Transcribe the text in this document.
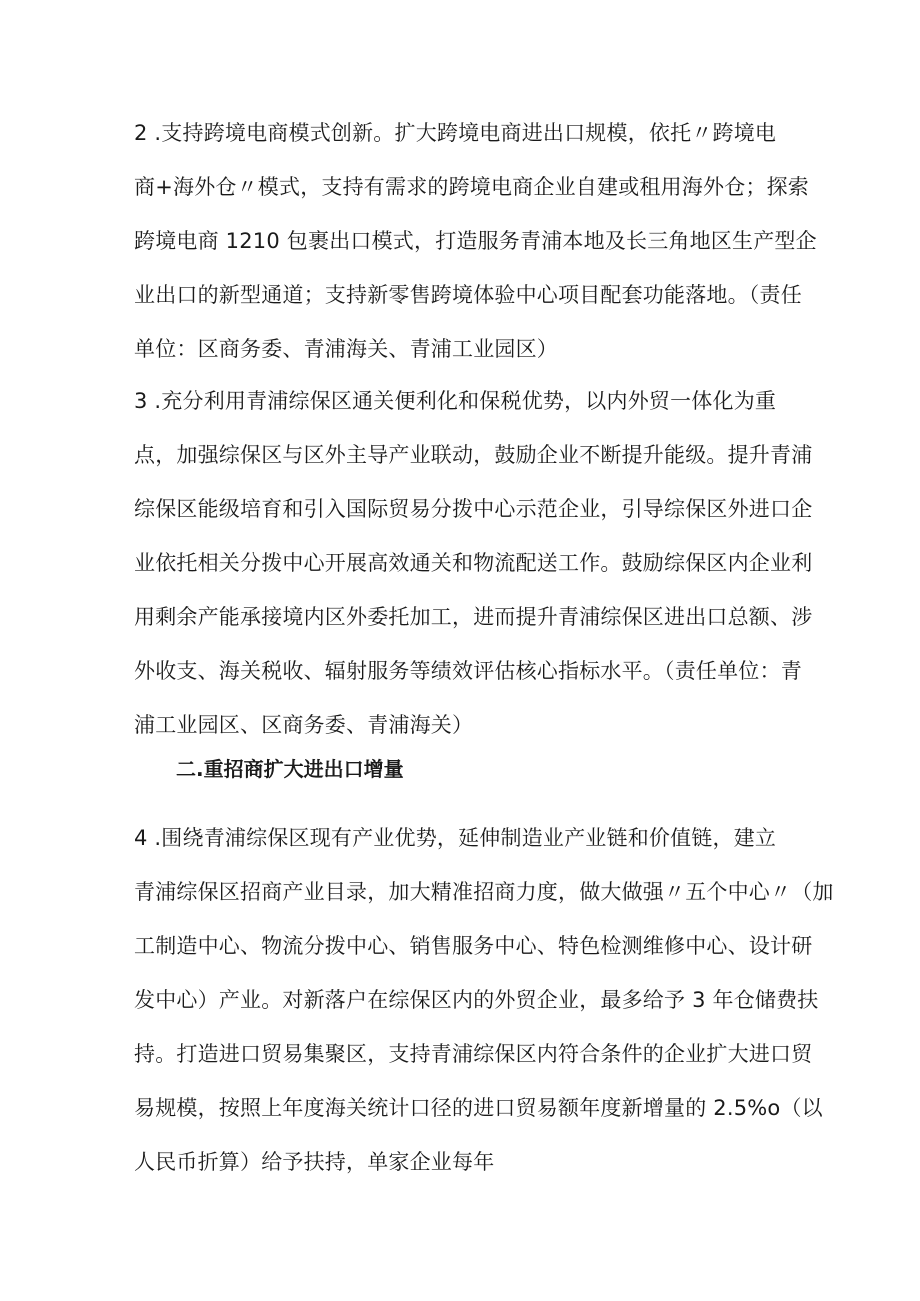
2 .支持跨境电商模式创新。扩大跨境电商进出口规模，依托〃跨境电
商+海外仓〃模式，支持有需求的跨境电商企业自建或租用海外仓；探索
跨境电商 1210 包裹出口模式，打造服务青浦本地及长三角地区生产型企
业出口的新型通道；支持新零售跨境体验中心项目配套功能落地。（责任
单位：区商务委、青浦海关、青浦工业园区）
3 .充分利用青浦综保区通关便利化和保税优势，以内外贸一体化为重
点，加强综保区与区外主导产业联动，鼓励企业不断提升能级。提升青浦
综保区能级培育和引入国际贸易分拨中心示范企业，引导综保区外进口企
业依托相关分拨中心开展高效通关和物流配送工作。鼓励综保区内企业利
用剩余产能承接境内区外委托加工，进而提升青浦综保区进出口总额、涉
外收支、海关税收、辐射服务等绩效评估核心指标水平。（责任单位：青
浦工业园区、区商务委、青浦海关）
二.重招商扩大进出口增量
4 .围绕青浦综保区现有产业优势，延伸制造业产业链和价值链，建立
青浦综保区招商产业目录，加大精准招商力度，做大做强〃五个中心〃（加
工制造中心、物流分拨中心、销售服务中心、特色检测维修中心、设计研
发中心）产业。对新落户在综保区内的外贸企业，最多给予 3 年仓储费扶
持。打造进口贸易集聚区，支持青浦综保区内符合条件的企业扩大进口贸
易规模，按照上年度海关统计口径的进口贸易额年度新增量的 2.5%o（以
人民币折算）给予扶持，单家企业每年
